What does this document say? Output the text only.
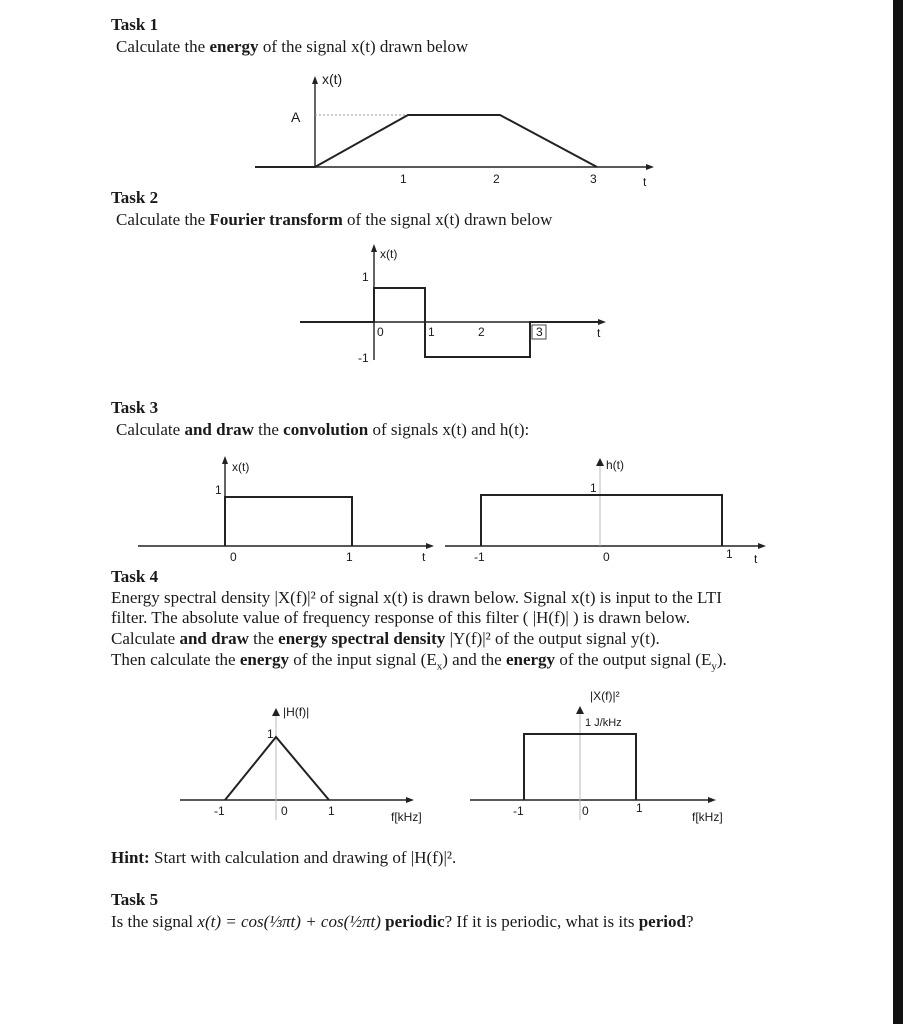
Task 1
Calculate the energy of the signal x(t) drawn below
Task 2
Calculate the Fourier transform of the signal x(t) drawn below
Task 3
Calculate and draw the convolution of signals x(t) and h(t):
Task 4
Energy spectral density |X(f)|² of signal x(t) is drawn below. Signal x(t) is input to the LTI
filter. The absolute value of frequency response of this filter ( |H(f)| ) is drawn below.
Calculate and draw the energy spectral density |Y(f)|² of the output signal y(t).
Then calculate the energy of the input signal $(E_x)$ and the energy of the output signal $(E_y)$.
Hint: Start with calculation and drawing of |H(f)|².
Task 5
Is the signal x(t) = cos(⅓πt) + cos(½πt) periodic? If it is periodic, what is its period?
x(t)
A
1	2	3	t
x(t)
1
-1
0	1	2	3	t
x(t)
1
0	1	t
h(t)
1
-1	0	1 t
|H(f)|
1
-1	0	1	f[kHz]
|X(f)|²
1 J/kHz
-1	0	1
f[kHz]
